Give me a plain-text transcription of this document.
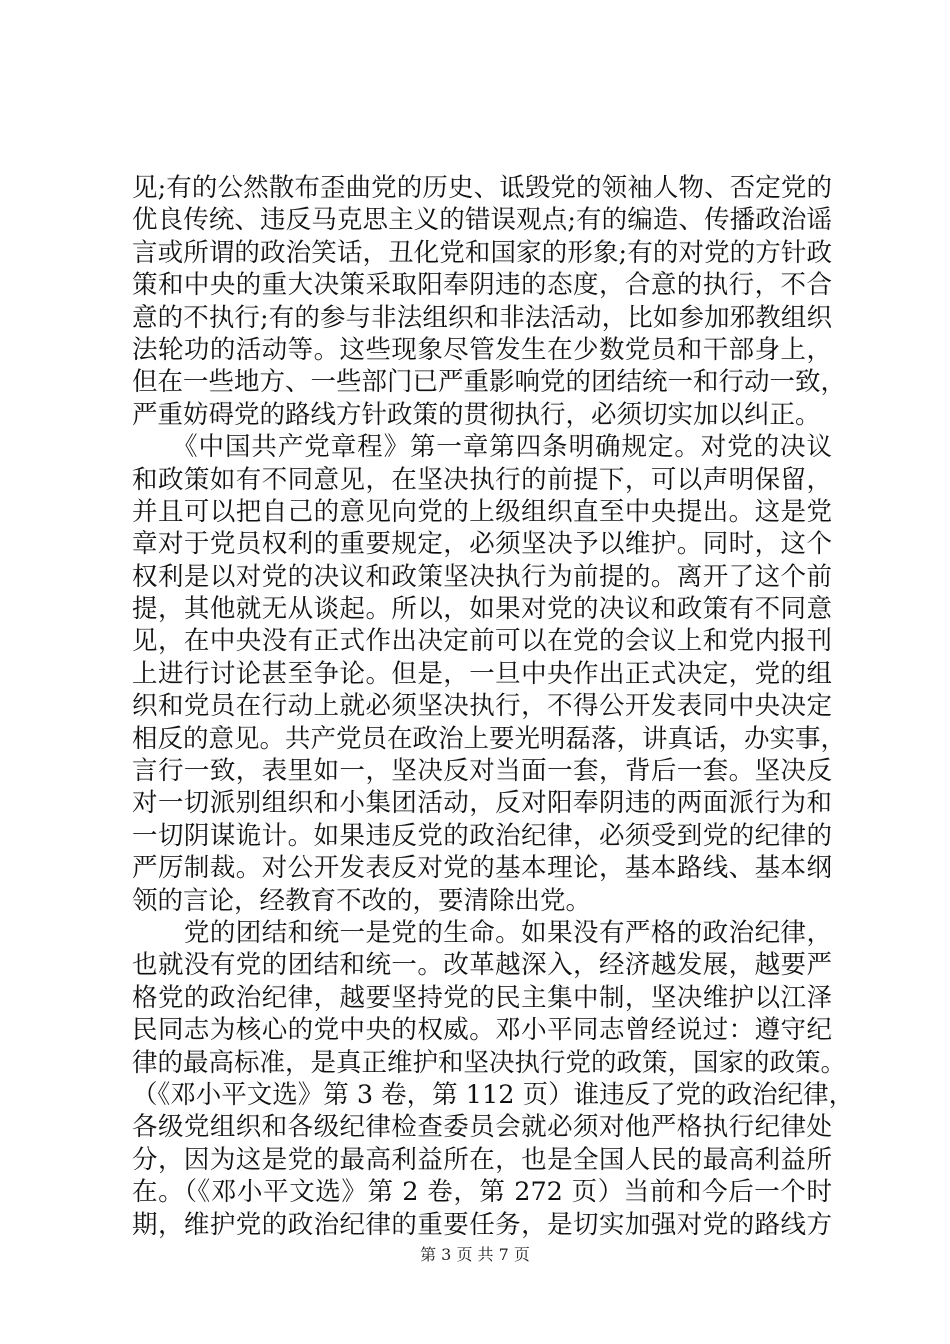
见;有的公然散布歪曲党的历史、诋毁党的领袖人物、否定党的
优良传统、违反马克思主义的错误观点;有的编造、传播政治谣
言或所谓的政治笑话，丑化党和国家的形象;有的对党的方针政
策和中央的重大决策采取阳奉阴违的态度，合意的执行，不合
意的不执行;有的参与非法组织和非法活动，比如参加邪教组织
法轮功的活动等。这些现象尽管发生在少数党员和干部身上，
但在一些地方、一些部门已严重影响党的团结统一和行动一致，
严重妨碍党的路线方针政策的贯彻执行，必须切实加以纠正。
　　《中国共产党章程》第一章第四条明确规定。对党的决议
和政策如有不同意见，在坚决执行的前提下，可以声明保留，
并且可以把自己的意见向党的上级组织直至中央提出。这是党
章对于党员权利的重要规定，必须坚决予以维护。同时，这个
权利是以对党的决议和政策坚决执行为前提的。离开了这个前
提，其他就无从谈起。所以，如果对党的决议和政策有不同意
见，在中央没有正式作出决定前可以在党的会议上和党内报刊
上进行讨论甚至争论。但是，一旦中央作出正式决定，党的组
织和党员在行动上就必须坚决执行，不得公开发表同中央决定
相反的意见。共产党员在政治上要光明磊落，讲真话，办实事，
言行一致，表里如一，坚决反对当面一套，背后一套。坚决反
对一切派别组织和小集团活动，反对阳奉阴违的两面派行为和
一切阴谋诡计。如果违反党的政治纪律，必须受到党的纪律的
严厉制裁。对公开发表反对党的基本理论，基本路线、基本纲
领的言论，经教育不改的，要清除出党。
　　党的团结和统一是党的生命。如果没有严格的政治纪律，
也就没有党的团结和统一。改革越深入，经济越发展，越要严
格党的政治纪律，越要坚持党的民主集中制，坚决维护以江泽
民同志为核心的党中央的权威。邓小平同志曾经说过：遵守纪
律的最高标准，是真正维护和坚决执行党的政策，国家的政策。
（《邓小平文选》第 3 卷，第 112 页）谁违反了党的政治纪律，
各级党组织和各级纪律检查委员会就必须对他严格执行纪律处
分，因为这是党的最高利益所在，也是全国人民的最高利益所
在。（《邓小平文选》第 2 卷，第 272 页）当前和今后一个时
期，维护党的政治纪律的重要任务，是切实加强对党的路线方
第 3 页 共 7 页
